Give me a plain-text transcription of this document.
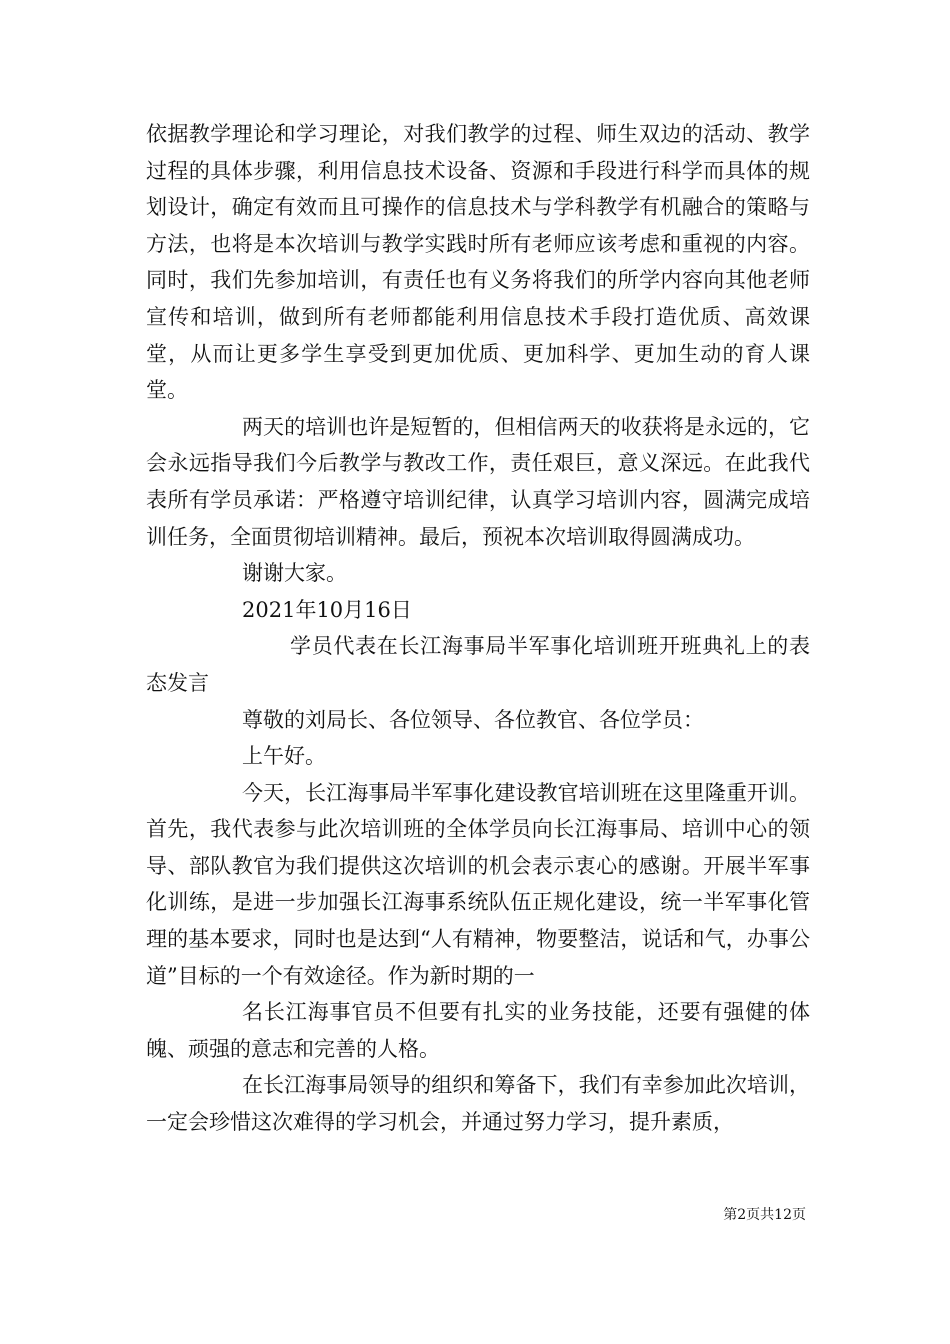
依据教学理论和学习理论，对我们教学的过程、师生双边的活动、教学过程的具体步骤，利用信息技术设备、资源和手段进行科学而具体的规划设计，确定有效而且可操作的信息技术与学科教学有机融合的策略与方法，也将是本次培训与教学实践时所有老师应该考虑和重视的内容。同时，我们先参加培训，有责任也有义务将我们的所学内容向其他老师宣传和培训，做到所有老师都能利用信息技术手段打造优质、高效课堂，从而让更多学生享受到更加优质、更加科学、更加生动的育人课堂。

两天的培训也许是短暂的，但相信两天的收获将是永远的，它会永远指导我们今后教学与教改工作，责任艰巨，意义深远。在此我代表所有学员承诺：严格遵守培训纪律，认真学习培训内容，圆满完成培训任务，全面贯彻培训精神。最后，预祝本次培训取得圆满成功。

谢谢大家。

2021年10月16日

学员代表在长江海事局半军事化培训班开班典礼上的表态发言

尊敬的刘局长、各位领导、各位教官、各位学员：

上午好。

今天，长江海事局半军事化建设教官培训班在这里隆重开训。首先，我代表参与此次培训班的全体学员向长江海事局、培训中心的领导、部队教官为我们提供这次培训的机会表示衷心的感谢。开展半军事化训练，是进一步加强长江海事系统队伍正规化建设，统一半军事化管理的基本要求，同时也是达到“人有精神，物要整洁，说话和气，办事公道”目标的一个有效途径。作为新时期的一

名长江海事官员不但要有扎实的业务技能，还要有强健的体魄、顽强的意志和完善的人格。

在长江海事局领导的组织和筹备下，我们有幸参加此次培训，一定会珍惜这次难得的学习机会，并通过努力学习，提升素质，

第2页共12页
